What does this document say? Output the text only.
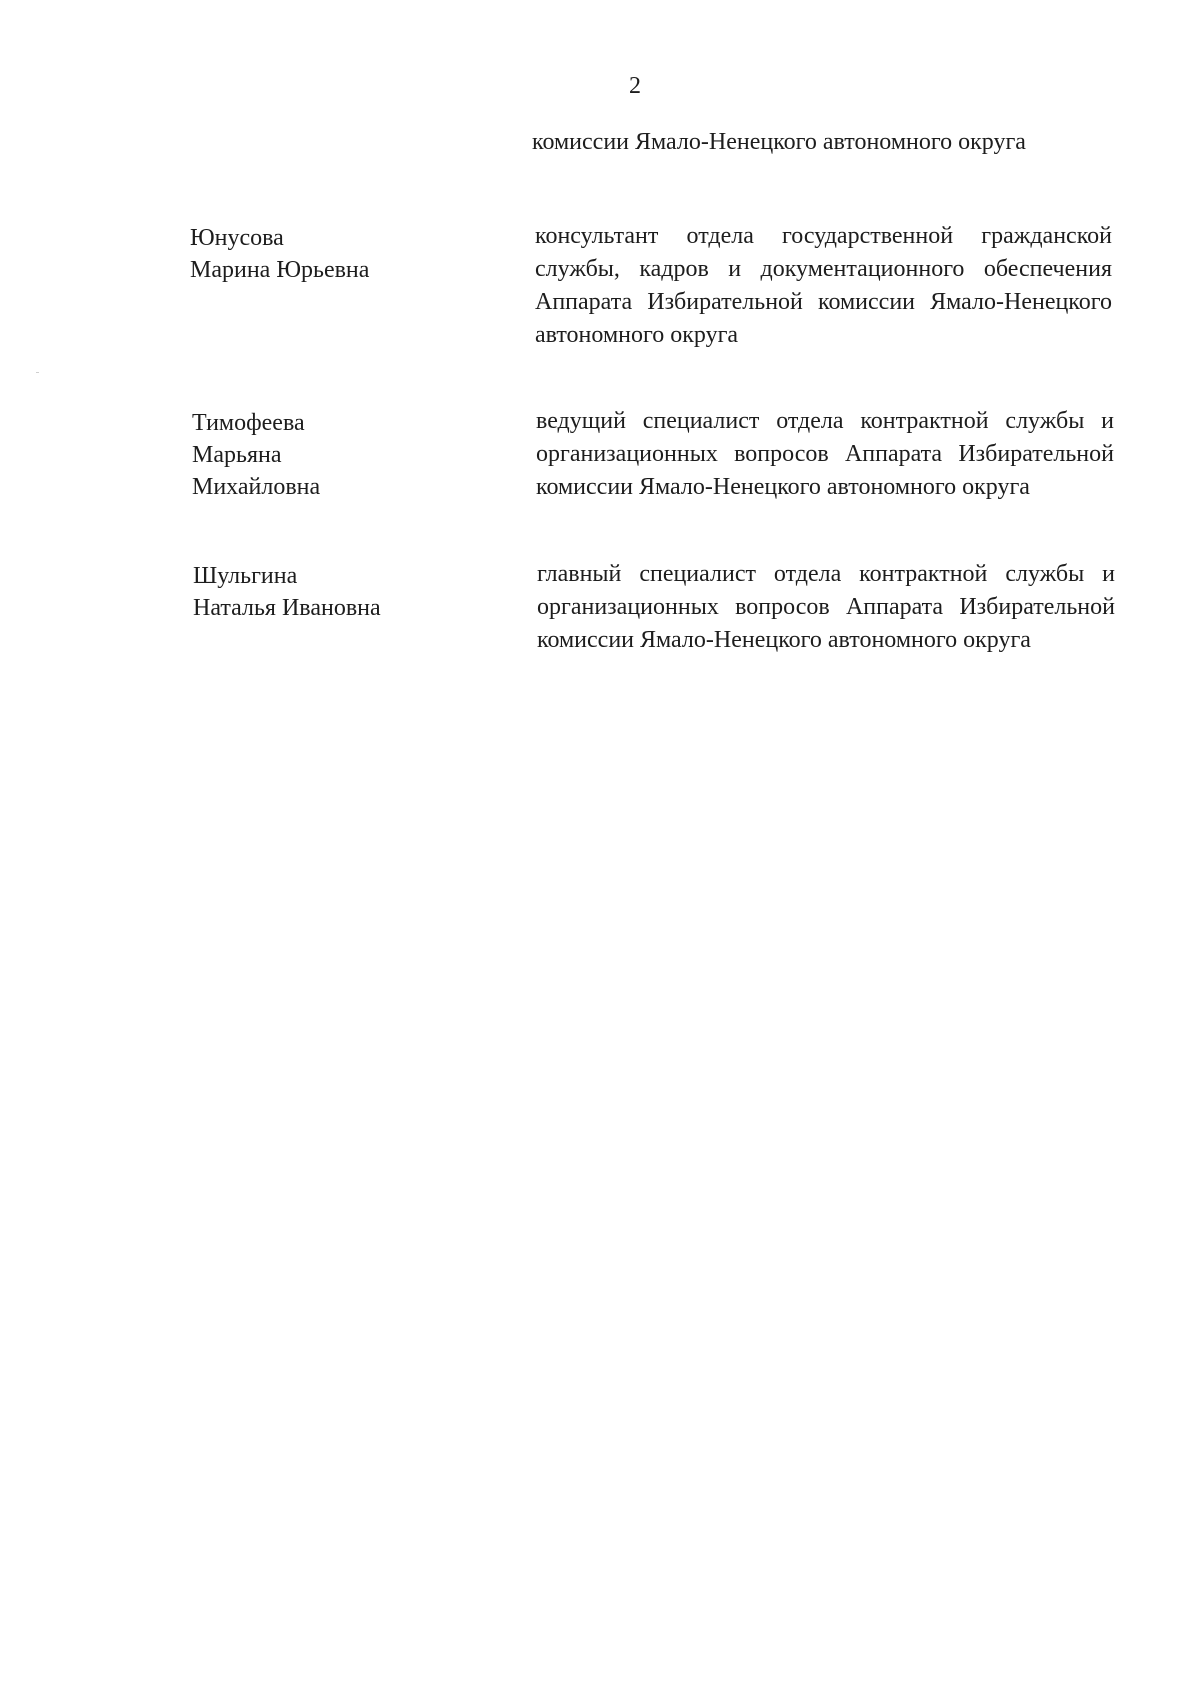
2
комиссии Ямало-Ненецкого автономного округа
Юнусова
Марина Юрьевна
консультант отдела государственной гражданской службы, кадров и документационного обеспечения Аппарата Избирательной комиссии Ямало-Ненецкого автономного округа
Тимофеева
Марьяна
Михайловна
ведущий специалист отдела контрактной службы и организационных вопросов Аппарата Избирательной комиссии Ямало-Ненецкого автономного округа
Шульгина
Наталья Ивановна
главный специалист отдела контрактной службы и организационных вопросов Аппарата Избирательной комиссии Ямало-Ненецкого автономного округа
